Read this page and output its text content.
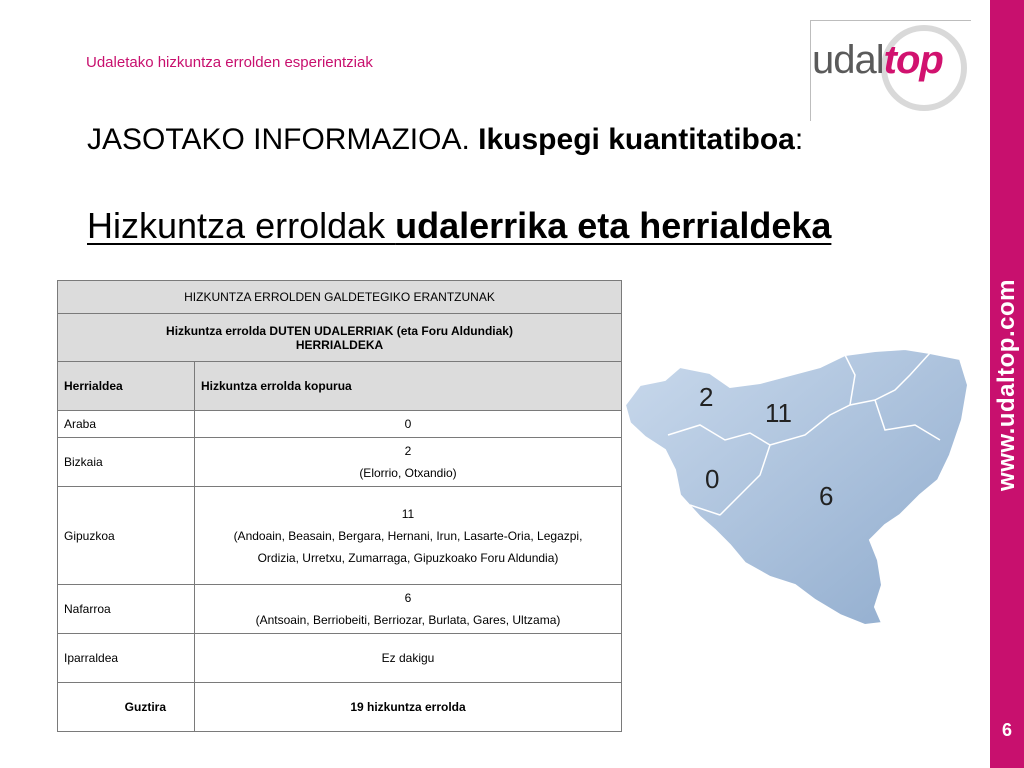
Udaletako hizkuntza errolden esperientziak	udaltop
JASOTAKO INFORMAZIOA. Ikuspegi kuantitatiboa:
Hizkuntza erroldak udalerrika eta herrialdeka
HIZKUNTZA ERROLDEN GALDETEGIKO ERANTZUNAK	

Hizkuntza errolda DUTEN UDALERRIAK (eta Foru Aldundiak)
HERRIALDEKA	

Herrialdea	Hizkuntza errolda kopurua
Araba	0
Bizkaia	2
(Elorrio, Otxandio)

Gipuzkoa	11
(Andoain, Beasain, Bergara, Hernani, Irun, Lasarte-Oria, Legazpi,
Ordizia, Urretxu, Zumarraga, Gipuzkoako Foru Aldundia)

Nafarroa	6
(Antsoain, Berriobeiti, Berriozar, Burlata, Gares, Ultzama)

Iparraldea	Ez dakigu
Guztira	19 hizkuntza errolda
2
11
0
6
www.udaltop.com
6
